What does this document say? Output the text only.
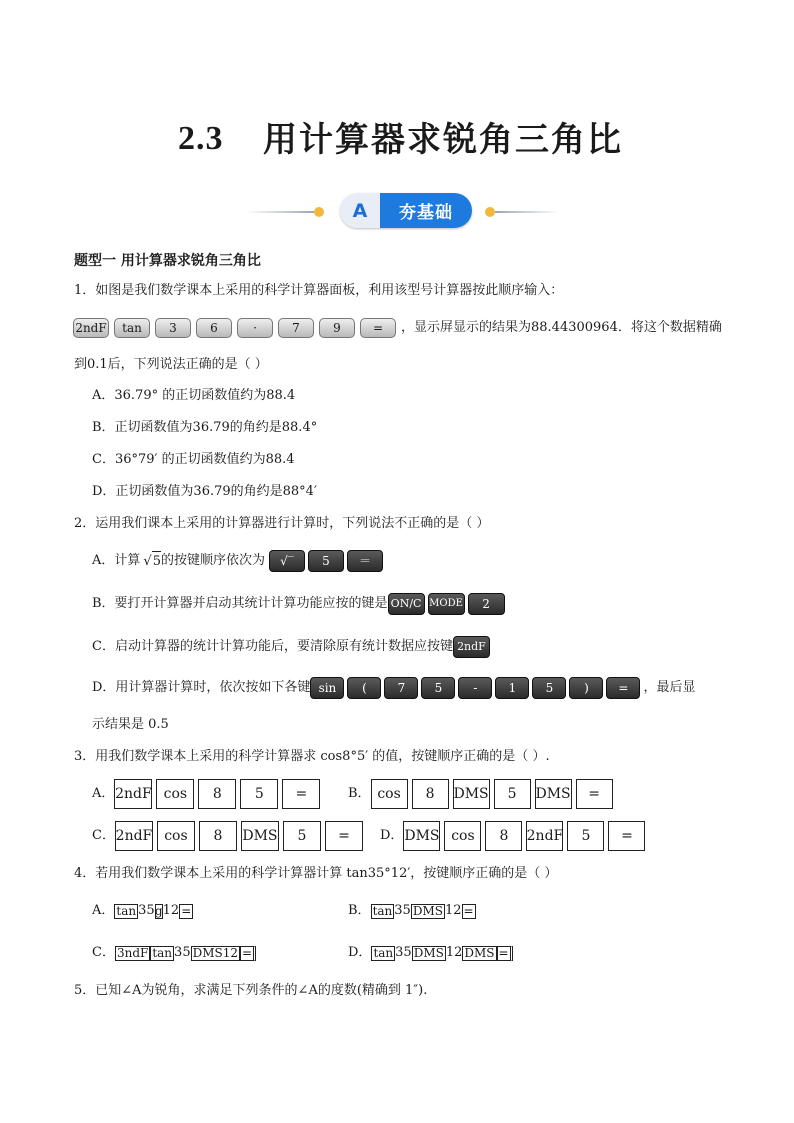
2.3 用计算器求锐角三角比
A	夯基础
题型一 用计算器求锐角三角比
1．如图是我们数学课本上采用的科学计算器面板，利用该型号计算器按此顺序输入：
2ndF	tan	3	6	·	7	9	=	，显示屏显示的结果为88.44300964．将这个数据精确
到0.1后，下列说法正确的是（ ）
A．36.79° 的正切函数值约为88.4
B．正切函数值为36.79的角约是88.4°
C．36°79′ 的正切函数值约为88.4
D．正切函数值为36.79的角约是88°4′
2．运用我们课本上采用的计算器进行计算时，下列说法不正确的是（ ）
A．计算 √5 的按键顺序依次为	√‾	5	＝
B．要打开计算器并启动其统计计算功能应按的键是 ON/C MODE	2
C．启动计算器的统计计算功能后，要清除原有统计数据应按键 2ndF
D．用计算器计算时，依次按如下各键 sin	(	7	5	-	1	5	)	=	，最后显
示结果是 0.5
3．用我们数学课本上采用的科学计算器求 cos8°5′ 的值，按键顺序正确的是（ ）.
A． 2ndF cos	8	5	=	B． cos	8	DMS	5	DMS	=
C． 2ndF cos	8	DMS	5	=	D． DMS cos	8	2ndF	5	=
4．若用我们数学课本上采用的科学计算器计算 tan35°12′，按键顺序正确的是（ ）
A． tan 35 g 12 =	B． tan 35 DMS 12 =
C． 3ndF tan 35 DMS12 =	D． tan 35 DMS 12 DMS =
5．已知∠A为锐角，求满足下列条件的∠A的度数(精确到 1″).
